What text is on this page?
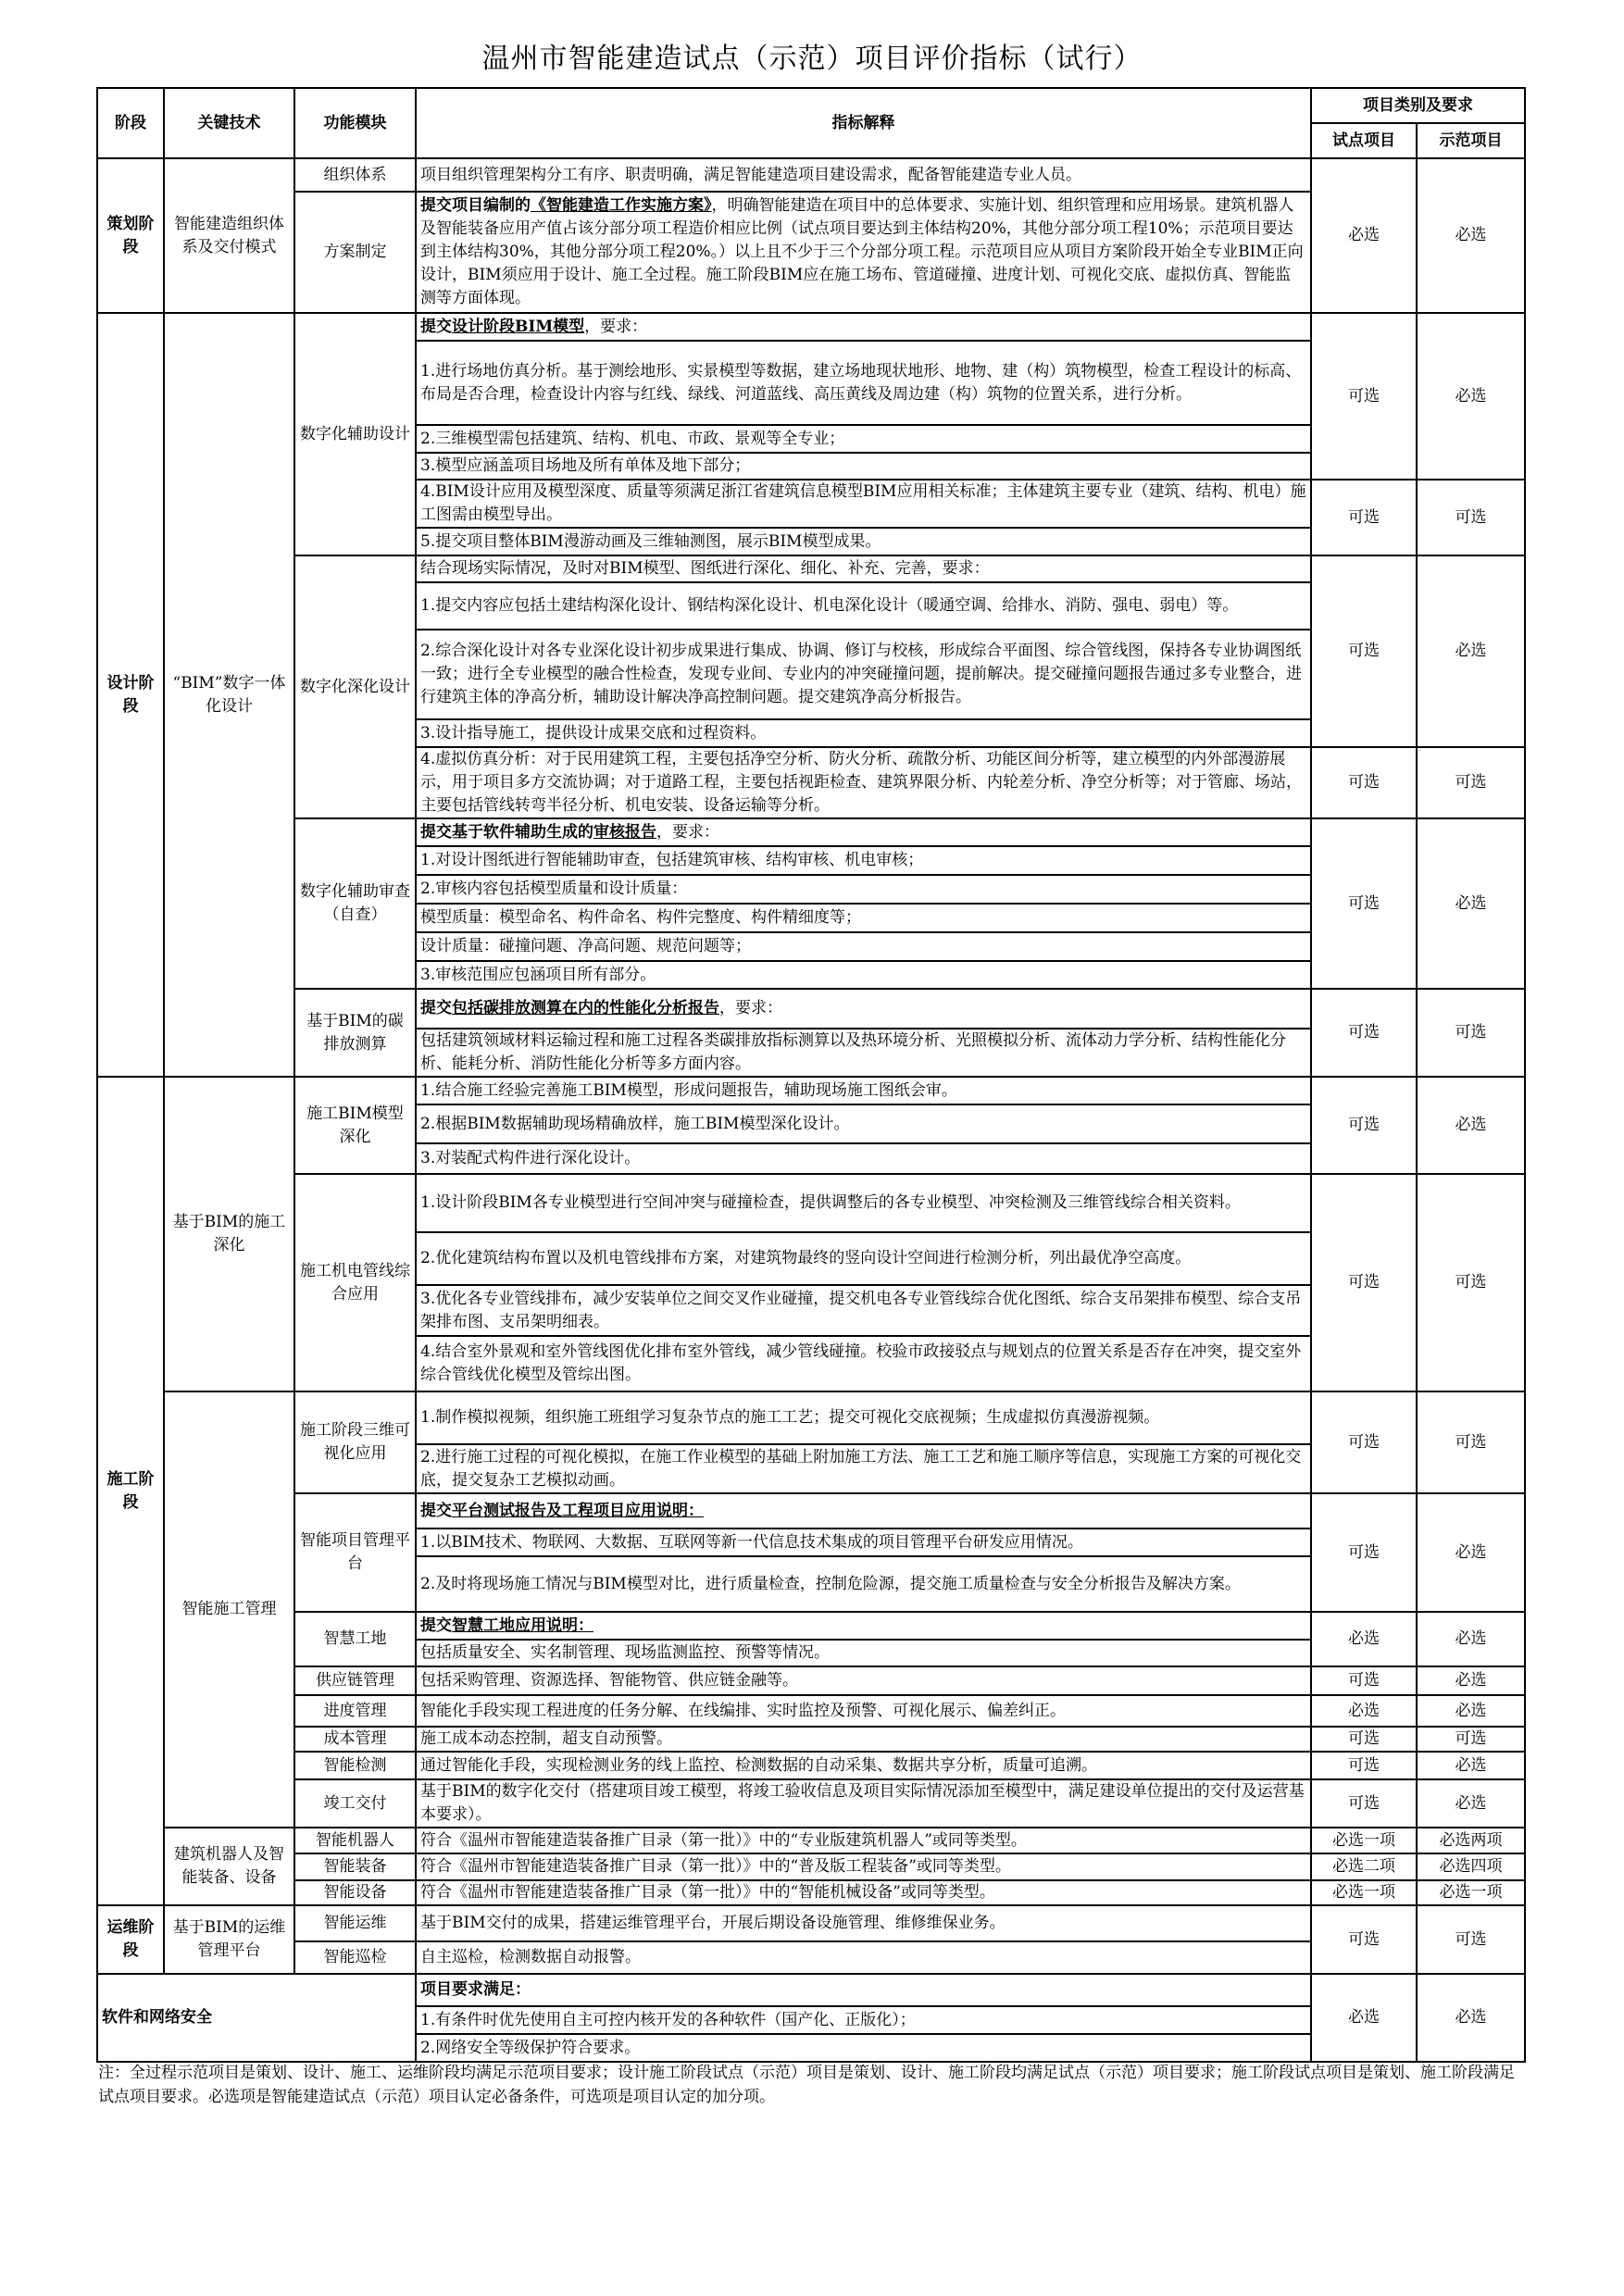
温州市智能建造试点（示范）项目评价指标（试行）
阶段	关键技术	功能模块	指标解释	项目类别及要求	
				试点项目	示范项目
策划阶段	智能建造组织体系及交付模式	组织体系	项目组织管理架构分工有序、职责明确，满足智能建造项目建设需求，配备智能建造专业人员。	必选	必选
		方案制定	提交项目编制的《智能建造工作实施方案》，明确智能建造在项目中的总体要求、实施计划、组织管理和应用场景。建筑机器人及智能装备应用产值占该分部分项工程造价相应比例（试点项目要达到主体结构20%，其他分部分项工程10%；示范项目要达到主体结构30%，其他分部分项工程20%。）以上且不少于三个分部分项工程。示范项目应从项目方案阶段开始全专业BIM正向设计，BIM须应用于设计、施工全过程。施工阶段BIM应在施工场布、管道碰撞、进度计划、可视化交底、虚拟仿真、智能监测等方面体现。		
设计阶段	“BIM”数字一体化设计	数字化辅助设计	提交设计阶段BIM模型，要求：	可选	必选
			1.进行场地仿真分析。基于测绘地形、实景模型等数据，建立场地现状地形、地物、建（构）筑物模型，检查工程设计的标高、布局是否合理，检查设计内容与红线、绿线、河道蓝线、高压黄线及周边建（构）筑物的位置关系，进行分析。		
			2.三维模型需包括建筑、结构、机电、市政、景观等全专业；		
			3.模型应涵盖项目场地及所有单体及地下部分；		
			4.BIM设计应用及模型深度、质量等须满足浙江省建筑信息模型BIM应用相关标准；主体建筑主要专业（建筑、结构、机电）施工图需由模型导出。	可选	可选
			5.提交项目整体BIM漫游动画及三维轴测图，展示BIM模型成果。		
		数字化深化设计	结合现场实际情况，及时对BIM模型、图纸进行深化、细化、补充、完善，要求：	可选	必选
			1.提交内容应包括土建结构深化设计、钢结构深化设计、机电深化设计（暖通空调、给排水、消防、强电、弱电）等。		
			2.综合深化设计对各专业深化设计初步成果进行集成、协调、修订与校核，形成综合平面图、综合管线图，保持各专业协调图纸一致；进行全专业模型的融合性检查，发现专业间、专业内的冲突碰撞问题，提前解决。提交碰撞问题报告通过多专业整合，进行建筑主体的净高分析，辅助设计解决净高控制问题。提交建筑净高分析报告。		
			3.设计指导施工，提供设计成果交底和过程资料。		
			4.虚拟仿真分析：对于民用建筑工程，主要包括净空分析、防火分析、疏散分析、功能区间分析等，建立模型的内外部漫游展示，用于项目多方交流协调；对于道路工程，主要包括视距检查、建筑界限分析、内轮差分析、净空分析等；对于管廊、场站，主要包括管线转弯半径分析、机电安装、设备运输等分析。	可选	可选
		数字化辅助审查（自查）	提交基于软件辅助生成的审核报告，要求：	可选	必选
			1.对设计图纸进行智能辅助审查，包括建筑审核、结构审核、机电审核；		
			2.审核内容包括模型质量和设计质量：		
			模型质量：模型命名、构件命名、构件完整度、构件精细度等；		
			设计质量：碰撞问题、净高问题、规范问题等；		
			3.审核范围应包涵项目所有部分。		
		基于BIM的碳排放测算	提交包括碳排放测算在内的性能化分析报告，要求：	可选	可选
			包括建筑领域材料运输过程和施工过程各类碳排放指标测算以及热环境分析、光照模拟分析、流体动力学分析、结构性能化分析、能耗分析、消防性能化分析等多方面内容。		
施工阶段	基于BIM的施工深化	施工BIM模型深化	1.结合施工经验完善施工BIM模型，形成问题报告，辅助现场施工图纸会审。	可选	必选
			2.根据BIM数据辅助现场精确放样，施工BIM模型深化设计。		
			3.对装配式构件进行深化设计。		
		施工机电管线综合应用	1.设计阶段BIM各专业模型进行空间冲突与碰撞检查，提供调整后的各专业模型、冲突检测及三维管线综合相关资料。	可选	可选
			2.优化建筑结构布置以及机电管线排布方案，对建筑物最终的竖向设计空间进行检测分析，列出最优净空高度。		
			3.优化各专业管线排布，减少安装单位之间交叉作业碰撞，提交机电各专业管线综合优化图纸、综合支吊架排布模型、综合支吊架排布图、支吊架明细表。		
			4.结合室外景观和室外管线图优化排布室外管线，减少管线碰撞。校验市政接驳点与规划点的位置关系是否存在冲突，提交室外综合管线优化模型及管综出图。		
	智能施工管理	施工阶段三维可视化应用	1.制作模拟视频，组织施工班组学习复杂节点的施工工艺；提交可视化交底视频；生成虚拟仿真漫游视频。	可选	可选
			2.进行施工过程的可视化模拟，在施工作业模型的基础上附加施工方法、施工工艺和施工顺序等信息，实现施工方案的可视化交底，提交复杂工艺模拟动画。		
		智能项目管理平台	提交平台测试报告及工程项目应用说明：	可选	必选
			1.以BIM技术、物联网、大数据、互联网等新一代信息技术集成的项目管理平台研发应用情况。		
			2.及时将现场施工情况与BIM模型对比，进行质量检查，控制危险源，提交施工质量检查与安全分析报告及解决方案。		
		智慧工地	提交智慧工地应用说明：	必选	必选
			包括质量安全、实名制管理、现场监测监控、预警等情况。		
		供应链管理	包括采购管理、资源选择、智能物管、供应链金融等。	可选	必选
		进度管理	智能化手段实现工程进度的任务分解、在线编排、实时监控及预警、可视化展示、偏差纠正。	必选	必选
		成本管理	施工成本动态控制，超支自动预警。	可选	可选
		智能检测	通过智能化手段，实现检测业务的线上监控、检测数据的自动采集、数据共享分析，质量可追溯。	可选	必选
		竣工交付	基于BIM的数字化交付（搭建项目竣工模型，将竣工验收信息及项目实际情况添加至模型中，满足建设单位提出的交付及运营基本要求）。	可选	必选

	建筑机器人及智能装备、设备	智能机器人	符合《温州市智能建造装备推广目录（第一批）》中的“专业版建筑机器人”或同等类型。	必选一项	必选两项
		智能装备	符合《温州市智能建造装备推广目录（第一批）》中的“普及版工程装备”或同等类型。	必选二项	必选四项
		智能设备	符合《温州市智能建造装备推广目录（第一批）》中的“智能机械设备”或同等类型。	必选一项	必选一项
运维阶段	基于BIM的运维管理平台	智能运维	基于BIM交付的成果，搭建运维管理平台，开展后期设备设施管理、维修维保业务。	可选	可选
		智能巡检	自主巡检，检测数据自动报警。		
软件和网络安全			项目要求满足：	必选	必选
			1.有条件时优先使用自主可控内核开发的各种软件（国产化、正版化）；		
			2.网络安全等级保护符合要求。		
注：全过程示范项目是策划、设计、施工、运维阶段均满足示范项目要求；设计施工阶段试点（示范）项目是策划、设计、施工阶段均满足试点（示范）项目要求；施工阶段试点项目是策划、施工阶段满足试点项目要求。必选项是智能建造试点（示范）项目认定必备条件，可选项是项目认定的加分项。
